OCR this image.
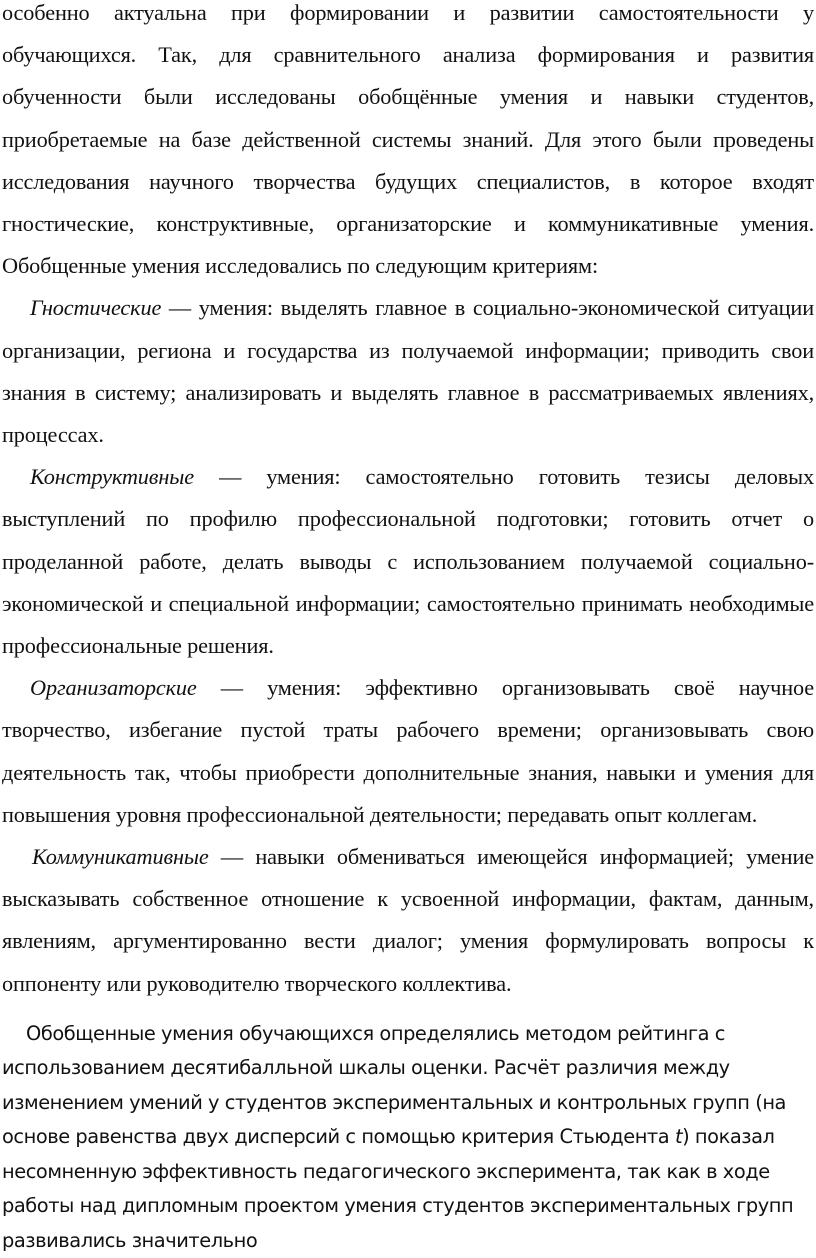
особенно актуальна при формировании и развитии самостоятельности у обучающихся. Так, для сравнительного анализа формирования и развития обученности были исследованы обобщённые умения и навыки студентов, приобретаемые на базе действенной системы знаний. Для этого были проведены исследования научного творчества будущих специалистов, в которое входят гностические, конструктивные, организаторские и коммуникативные умения. Обобщенные умения исследовались по следующим критериям:

Гностические — умения: выделять главное в социально-экономической ситуации организации, региона и государства из получаемой информации; приводить свои знания в систему; анализировать и выделять главное в рассматриваемых явлениях, процессах.

Конструктивные — умения: самостоятельно готовить тезисы деловых выступлений по профилю профессиональной подготовки; готовить отчет о проделанной работе, делать выводы с использованием получаемой социально-экономической и специальной информации; самостоятельно принимать необходимые профессиональные решения.

Организаторские — умения: эффективно организовывать своё научное творчество, избегание пустой траты рабочего времени; организовывать свою деятельность так, чтобы приобрести дополнительные знания, навыки и умения для повышения уровня профессиональной деятельности; передавать опыт коллегам.

Коммуникативные — навыки обмениваться имеющейся информацией; умение высказывать собственное отношение к усвоенной информации, фактам, данным, явлениям, аргументированно вести диалог; умения формулировать вопросы к оппоненту или руководителю творческого коллектива.

Обобщенные умения обучающихся определялись методом рейтинга с использованием десятибалльной шкалы оценки. Расчёт различия между изменением умений у студентов экспериментальных и контрольных групп (на основе равенства двух дисперсий с помощью критерия Стьюдента t) показал несомненную эффективность педагогического эксперимента, так как в ходе работы над дипломным проектом умения студентов экспериментальных групп развивались значительно
